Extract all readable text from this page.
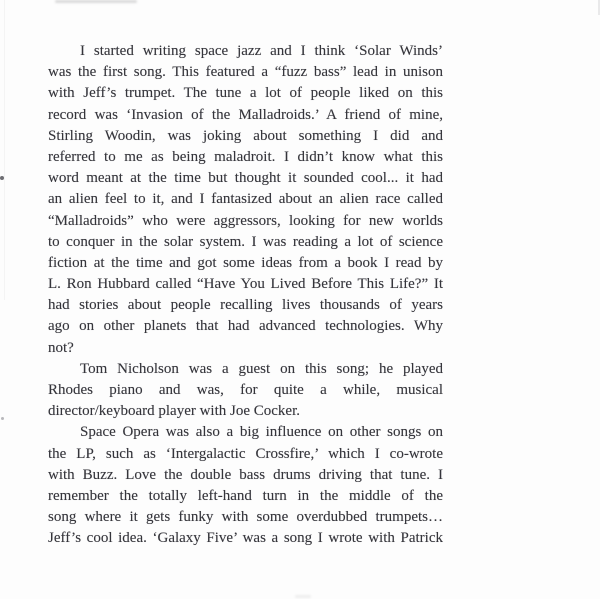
I started writing space jazz and I think ‘Solar Winds’
was the first song. This featured a “fuzz bass” lead in unison
with Jeff’s trumpet. The tune a lot of people liked on this
record was ‘Invasion of the Malladroids.’ A friend of mine,
Stirling Woodin, was joking about something I did and
referred to me as being maladroit. I didn’t know what this
word meant at the time but thought it sounded cool... it had
an alien feel to it, and I fantasized about an alien race called
“Malladroids” who were aggressors, looking for new worlds
to conquer in the solar system. I was reading a lot of science
fiction at the time and got some ideas from a book I read by
L. Ron Hubbard called “Have You Lived Before This Life?” It
had stories about people recalling lives thousands of years
ago on other planets that had advanced technologies. Why
not?
Tom Nicholson was a guest on this song; he played
Rhodes piano and was, for quite a while, musical
director/keyboard player with Joe Cocker.
Space Opera was also a big influence on other songs on
the LP, such as ‘Intergalactic Crossfire,’ which I co-wrote
with Buzz. Love the double bass drums driving that tune. I
remember the totally left-hand turn in the middle of the
song where it gets funky with some overdubbed trumpets…
Jeff’s cool idea. ‘Galaxy Five’ was a song I wrote with Patrick
